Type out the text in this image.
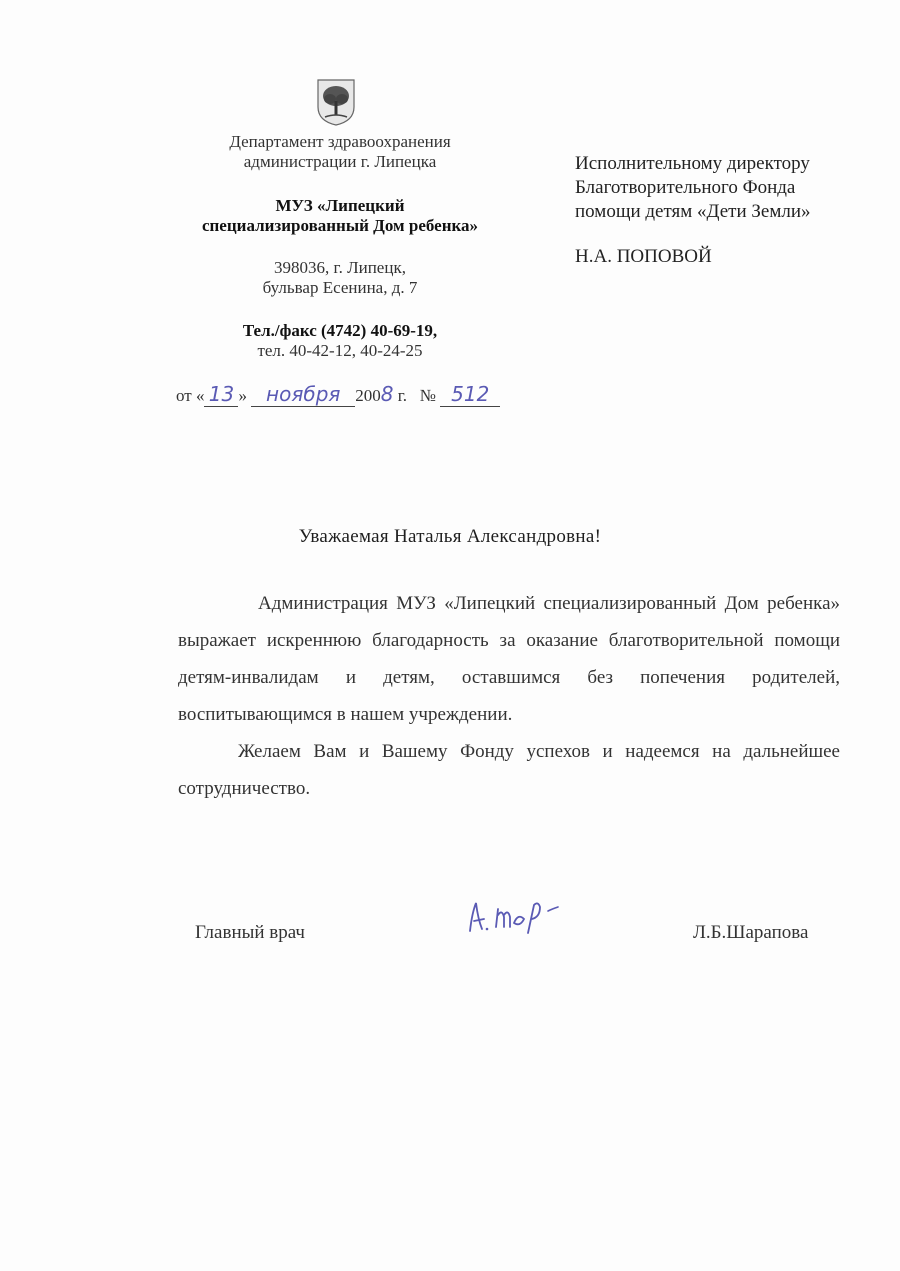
Департамент здравоохранения
администрации г. Липецка
МУЗ «Липецкий
специализированный Дом ребенка»
398036, г. Липецк,
бульвар Есенина, д. 7
Тел./факс (4742) 40-69-19,
тел. 40-42-12, 40-24-25
от « 13 » ноября 2008 г. № 512
Исполнительному директору
Благотворительного Фонда
помощи детям «Дети Земли»
Н.А. ПОПОВОЙ
Уважаемая Наталья Александровна!
Администрация МУЗ «Липецкий специализированный Дом ребенка» выражает искреннюю благодарность за оказание благотворительной помощи детям-инвалидам и детям, оставшимся без попечения родителей, воспитывающимся в нашем учреждении.
Желаем Вам и Вашему Фонду успехов и надеемся на дальнейшее сотрудничество.
Главный врач	Л.Б.Шарапова
